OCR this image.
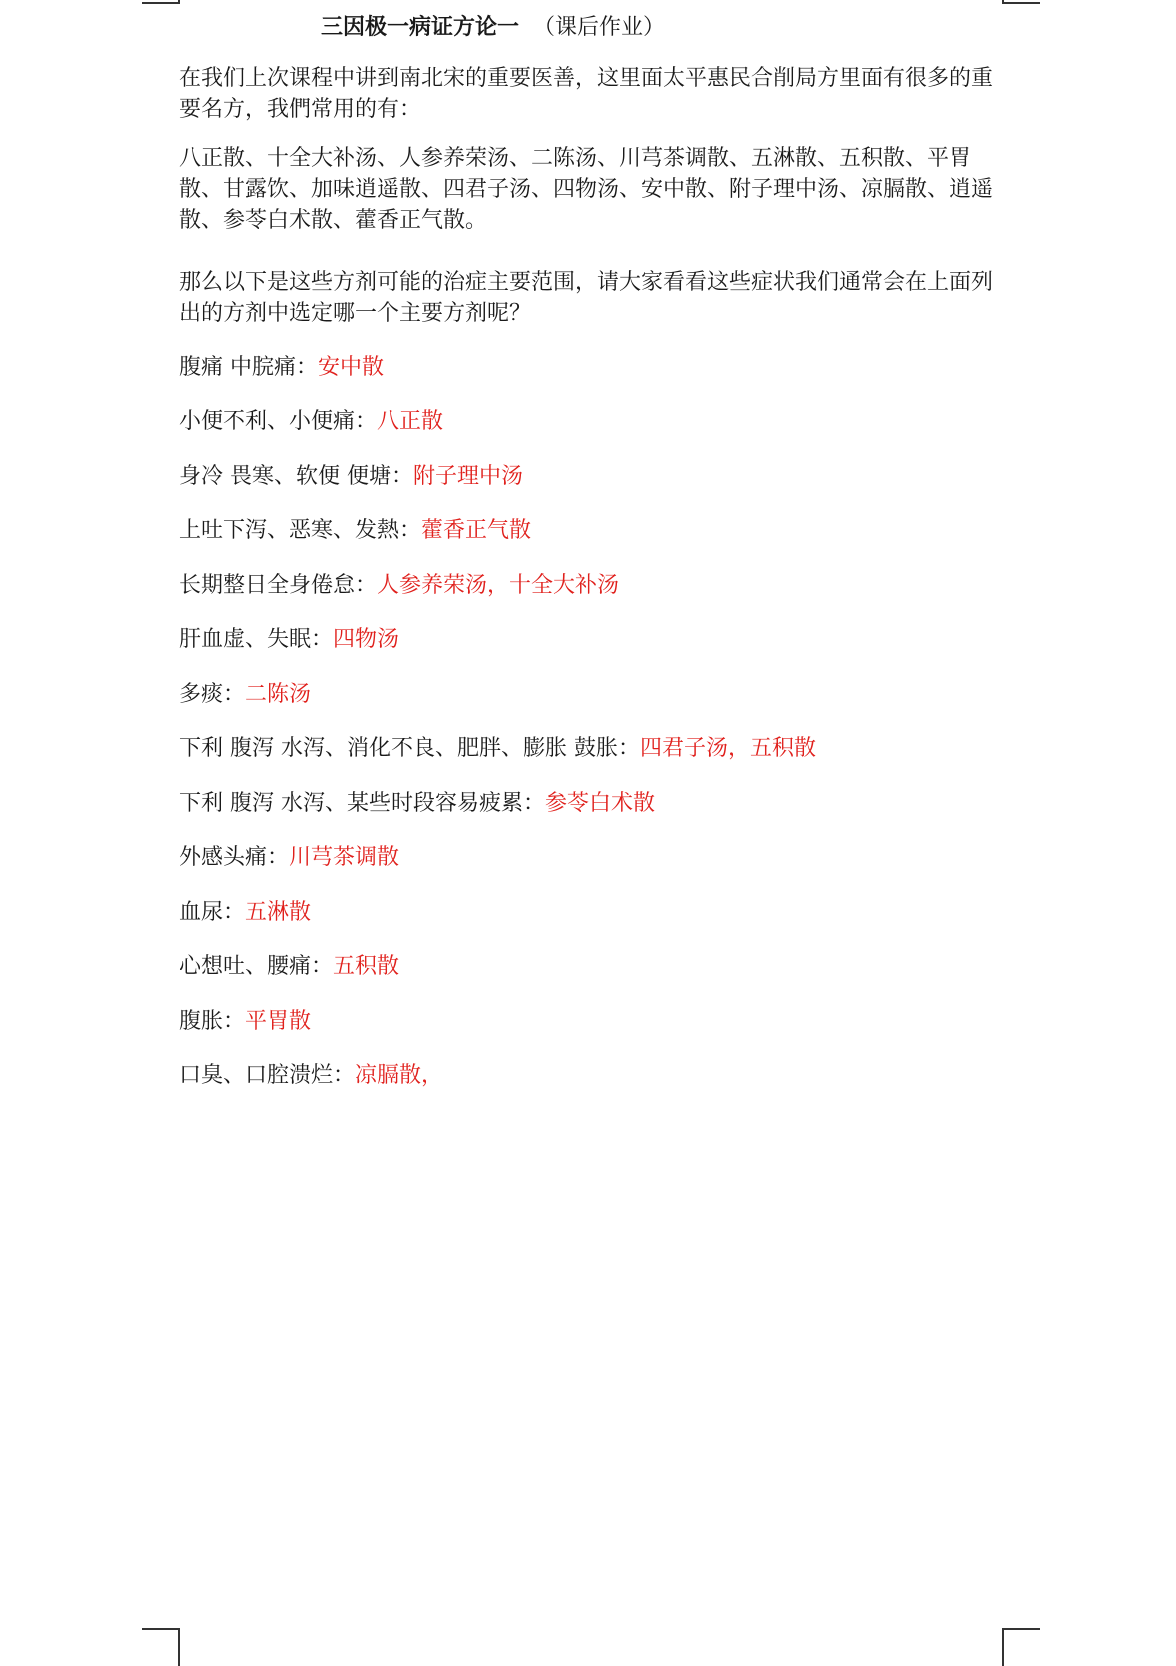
三因极一病证方论一 （课后作业）

在我们上次课程中讲到南北宋的重要医善，这里面太平惠民合削局方里面有很多的重要名方，我們常用的有：

八正散、十全大补汤、人参养荣汤、二陈汤、川芎茶调散、五淋散、五积散、平胃散、甘露饮、加味逍遥散、四君子汤、四物汤、安中散、附子理中汤、凉膈散、逍遥散、参苓白术散、藿香正气散。

那么以下是这些方剂可能的治症主要范围，请大家看看这些症状我们通常会在上面列出的方剂中选定哪一个主要方剂呢？

腹痛 中脘痛：安中散
小便不利、小便痛：八正散
身冷 畏寒、软便 便塘：附子理中汤
上吐下泻、恶寒、发熱：藿香正气散
长期整日全身倦怠：人参养荣汤，十全大补汤
肝血虚、失眠：四物汤
多痰：二陈汤
下利 腹泻 水泻、消化不良、肥胖、膨胀 鼓胀：四君子汤，五积散
下利 腹泻 水泻、某些时段容易疲累：参苓白术散
外感头痛：川芎茶调散
血尿：五淋散
心想吐、腰痛：五积散
腹胀：平胃散
口臭、口腔溃烂：凉膈散，
